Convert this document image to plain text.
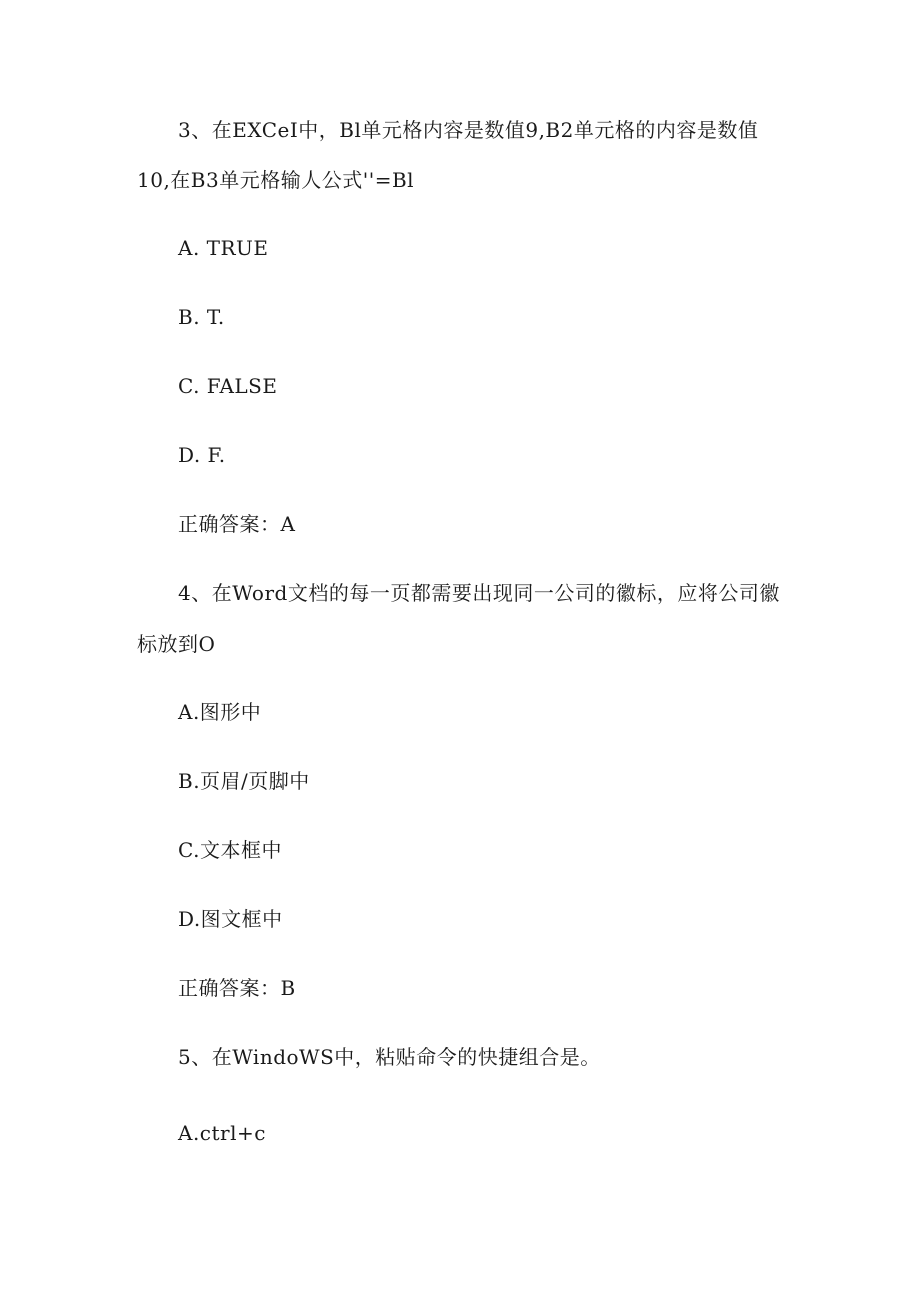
3、在EXCeI中，Bl单元格内容是数值9,B2单元格的内容是数值
10,在B3单元格输人公式''=Bl
A. TRUE
B. T.
C. FALSE
D. F.
正确答案：A
4、在Word文档的每一页都需要出现同一公司的徽标，应将公司徽
标放到O
A.图形中
B.页眉/页脚中
C.文本框中
D.图文框中
正确答案：B
5、在WindoWS中，粘贴命令的快捷组合是。
A.ctrl+c
